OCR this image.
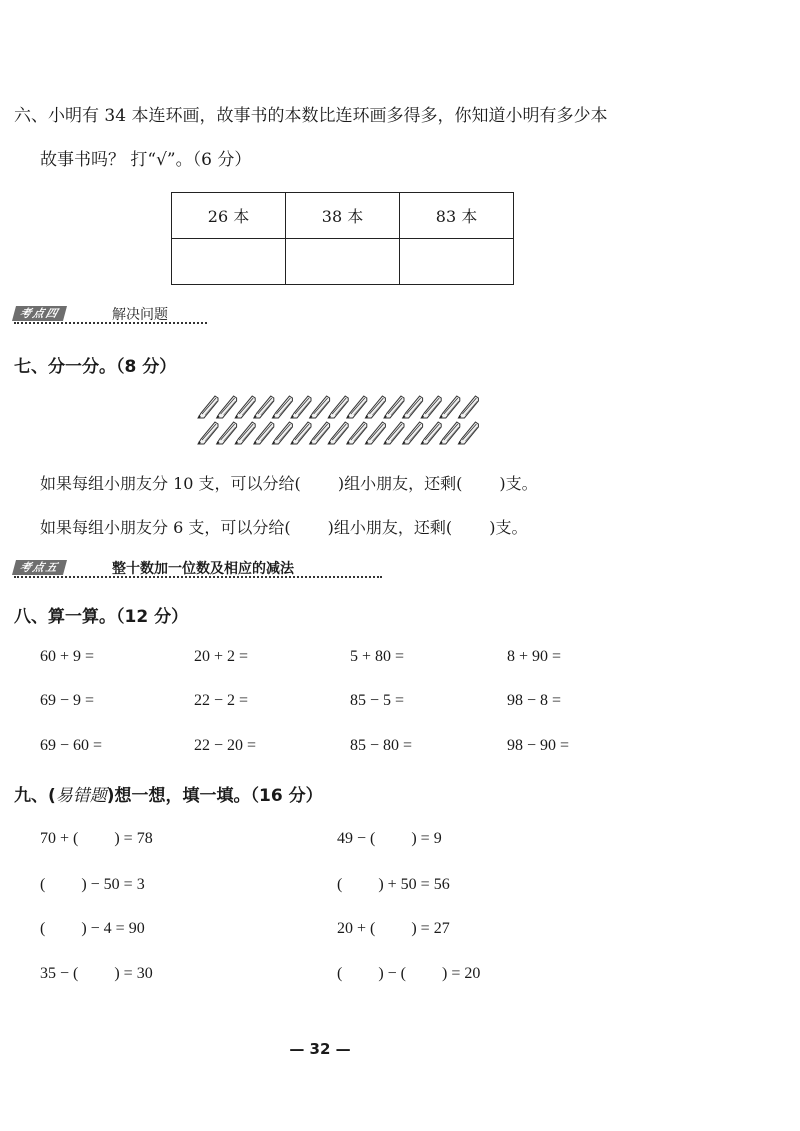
六、小明有 34 本连环画，故事书的本数比连环画多得多，你知道小明有多少本
故事书吗？ 打“√”。（6 分）
26 本	38 本	83 本

考点四	解决问题
七、分一分。（8 分）
如果每组小朋友分 10 支，可以分给(　　 )组小朋友，还剩(　　 )支。
如果每组小朋友分 6 支，可以分给(　　 )组小朋友，还剩(　　 )支。
考点五	整十数加一位数及相应的减法
八、算一算。（12 分）
60 + 9 =	20 + 2 =	5 + 80 =	8 + 90 =
69 − 9 =	22 − 2 =	85 − 5 =	98 − 8 =
69 − 60 =	22 − 20 =	85 − 80 =	98 − 90 =
九、(易错题)想一想，填一填。（16 分）
70 + (　　 ) = 78	49 − (　　 ) = 9
(　　 ) − 50 = 3	(　　 ) + 50 = 56
(　　 ) − 4 = 90	20 + (　　 ) = 27
35 − (　　 ) = 30	(　　 ) − (　　 ) = 20
— 32 —
